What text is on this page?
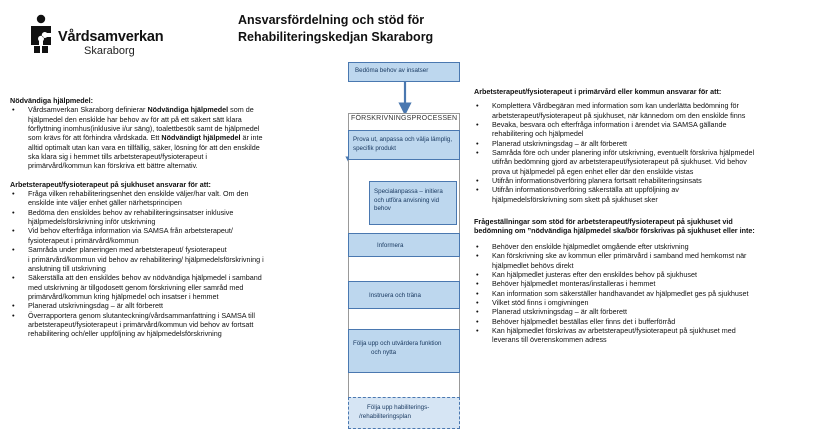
Vårdsamverkan
Skaraborg
Ansvarsfördelning och stöd för
Rehabiliteringskedjan Skaraborg
Nödvändiga hjälpmedel:
• Vårdsamverkan Skaraborg definierar Nödvändiga hjälpmedel som de
hjälpmedel den enskilde har behov av för att på ett säkert sätt klara
förflyttning inomhus(inklusive i/ur säng), toalettbesök samt de hjälpmedel
som krävs för att förhindra vårdskada. Ett Nödvändigt hjälpmedel är inte
alltid optimalt utan kan vara en tillfällig, säker, lösning för att den enskilde
ska klara sig i hemmet tills arbetsterapeut/fysioterapeut i
primärvård/kommun kan förskriva ett bättre alternativ.
Arbetsterapeut/fysioterapeut på sjukhuset ansvarar för att:
• Fråga vilken rehabiliteringsenhet den enskilde väljer/har valt. Om den
enskilde inte väljer enhet gäller närhetsprincipen
• Bedöma den enskildes behov av rehabiliteringsinsatser inklusive
hjälpmedelsförskrivning inför utskrivning
• Vid behov efterfråga information via SAMSA från arbetsterapeut/
fysioterapeut i primärvård/kommun
• Samråda under planeringen med arbetsterapeut/ fysioterapeut
i primärvård/kommun vid behov av rehabilitering/ hjälpmedelsförskrivning i
anslutning till utskrivning
• Säkerställa att den enskildes behov av nödvändiga hjälpmedel i samband
med utskrivning är tillgodosett genom förskrivning eller samråd med
primärvård/kommun kring hjälpmedel och insatser i hemmet
• Planerad utskrivningsdag – är allt förberett
• Överrapportera genom slutanteckning/vårdsammanfattning i SAMSA till
arbetsterapeut/fysioterapeut i primärvård/kommun vid behov av fortsatt
rehabilitering och/eller uppföljning av hjälpmedelsförskrivning
Bedöma behov av insatser
FÖRSKRIVNINGSPROCESSEN
Prova ut, anpassa och välja lämplig,
specifik produkt
Specialanpassa – initiera
och utföra anvisning vid
behov
Informera
Instruera och träna
Följa upp och utvärdera funktion
och nytta
Följa upp habiliterings-
/rehabiliteringsplan
Arbetsterapeut/fysioterapeut i primärvård eller kommun ansvarar för att:
• Komplettera Vårdbegäran med information som kan underlätta bedömning för
arbetsterapeut/fysioterapeut på sjukhuset, när kännedom om den enskilde finns
• Bevaka, besvara och efterfråga information i ärendet via SAMSA gällande
rehabilitering och hjälpmedel
• Planerad utskrivningsdag – är allt förberett
• Samråda före och under planering inför utskrivning, eventuellt förskriva hjälpmedel
utifrån bedömning gjord av arbetsterapeut/fysioterapeut på sjukhuset. Vid behov
prova ut hjälpmedel på egen enhet eller där den enskilde vistas
• Utifrån informationsöverföring planera fortsatt rehabiliteringsinsats
• Utifrån informationsöverföring säkerställa att uppföljning av
hjälpmedelsförskrivning som skett på sjukhuset sker
Frågeställningar som stöd för arbetsterapeut/fysioterapeut på sjukhuset vid
bedömning om ”nödvändiga hjälpmedel ska/bör förskrivas på sjukhuset eller inte:
• Behöver den enskilde hjälpmedlet omgående efter utskrivning
• Kan förskrivning ske av kommun eller primärvård i samband med hemkomst när
hjälpmedlet behövs direkt
• Kan hjälpmedlet justeras efter den enskildes behov på sjukhuset
• Behöver hjälpmedlet monteras/installeras i hemmet
• Kan information som säkerställer handhavandet av hjälpmedlet ges på sjukhuset
• Vilket stöd finns i omgivningen
• Planerad utskrivningsdag – är allt förberett
• Behöver hjälpmedlet beställas eller finns det i bufferförråd
• Kan hjälpmedlet förskrivas av arbetsterapeut/fysioterapeut på sjukhuset med
leverans till överenskommen adress
